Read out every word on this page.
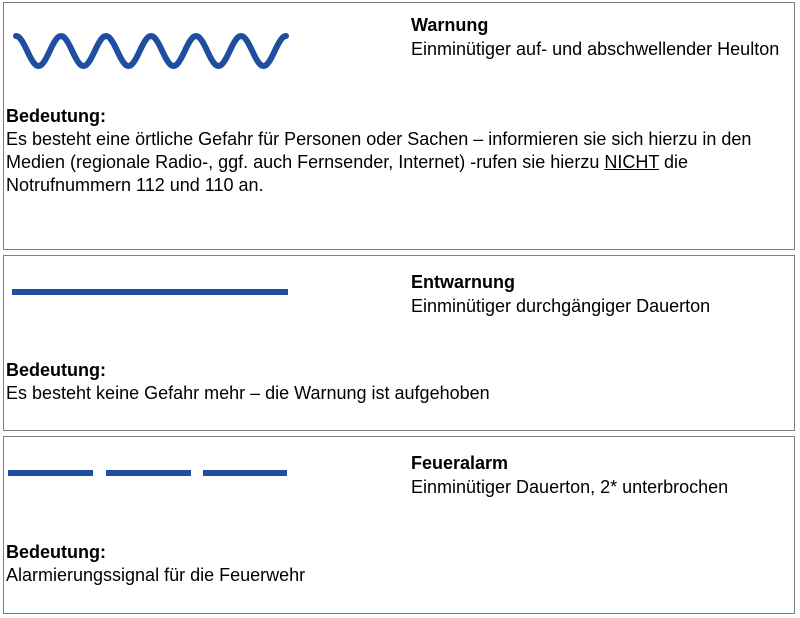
Warnung
Einminütiger auf- und abschwellender Heulton
Bedeutung:
Es besteht eine örtliche Gefahr für Personen oder Sachen – informieren sie sich hierzu in den Medien (regionale Radio-, ggf. auch Fernsender, Internet) -rufen sie hierzu NICHT die Notrufnummern 112 und 110 an.
Entwarnung
Einminütiger durchgängiger Dauerton
Bedeutung:
Es besteht keine Gefahr mehr – die Warnung ist aufgehoben
Feueralarm
Einminütiger Dauerton, 2* unterbrochen
Bedeutung:
Alarmierungssignal für die Feuerwehr
